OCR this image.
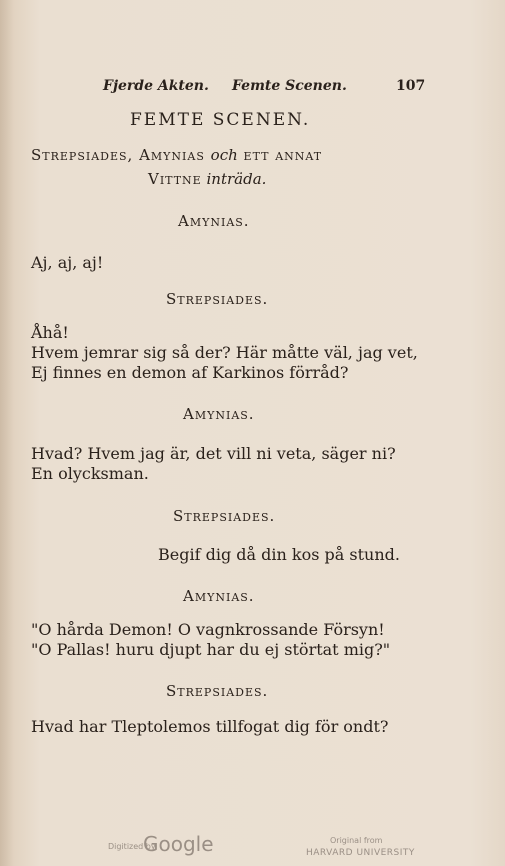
Fjerde Akten. Femte Scenen.	107
FEMTE SCENEN.
Strepsiades, Amynias och ett annat
Vittne inträda.
Amynias.
Aj, aj, aj!
Strepsiades.
Åhå!
Hvem jemrar sig så der? Här måtte väl, jag vet,
Ej finnes en demon af Karkinos förråd?
Amynias.
Hvad? Hvem jag är, det vill ni veta, säger ni?
En olycksman.
Strepsiades.
Begif dig då din kos på stund.
Amynias.
"O hårda Demon! O vagnkrossande Försyn!
"O Pallas! huru djupt har du ej störtat mig?"
Strepsiades.
Hvad har Tleptolemos tillfogat dig för ondt?
Digitized by
Google	Original from
HARVARD UNIVERSITY
